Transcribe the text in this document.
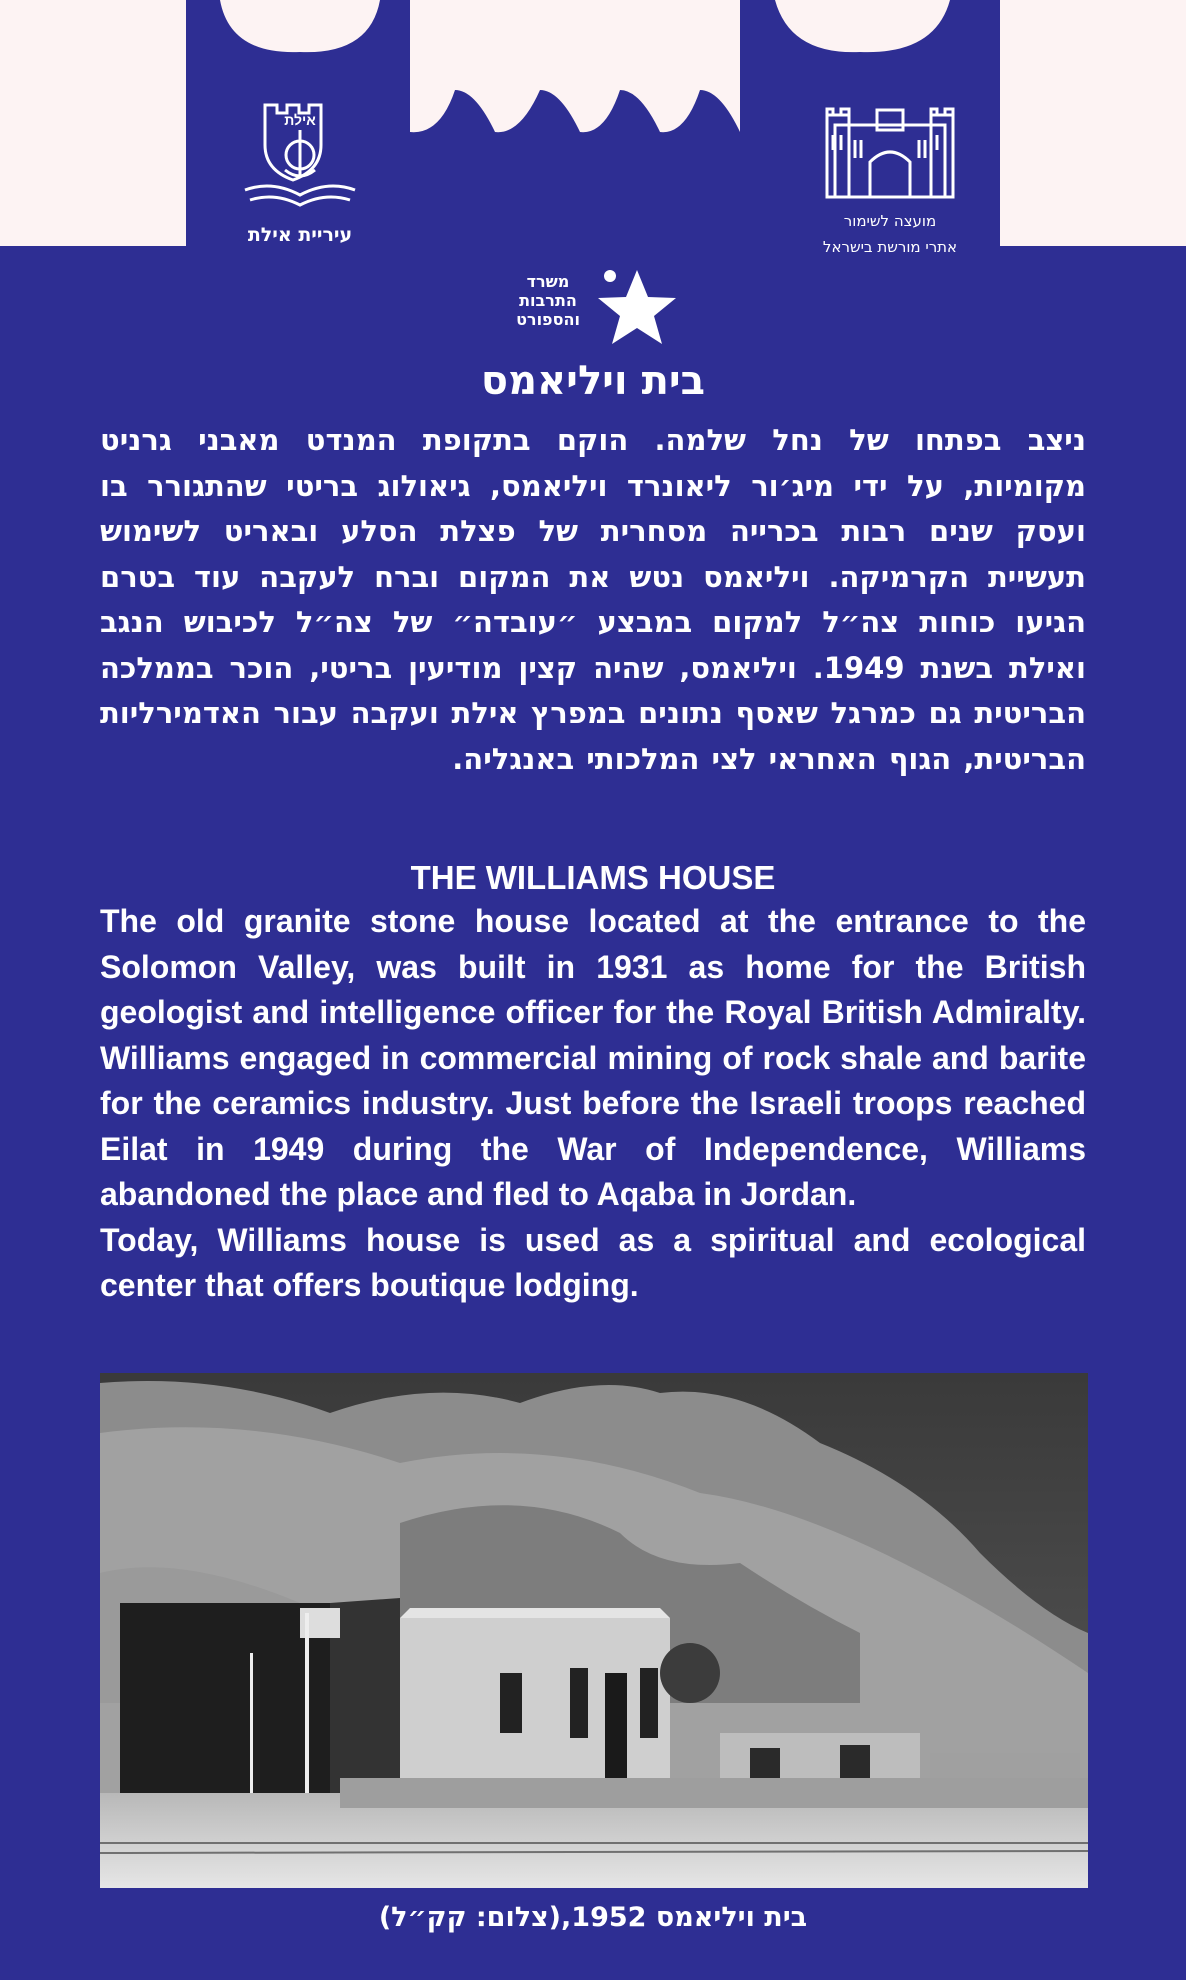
אילת
עיריית אילת
מועצה לשימור
אתרי מורשת בישראל
משרד
התרבות
והספורט
בית ויליאמס
ניצב בפתחו של נחל שלמה. הוקם בתקופת המנדט מאבני גרניט מקומיות, על ידי מיג׳ור ליאונרד ויליאמס, גיאולוג בריטי שהתגורר בו ועסק שנים רבות בכרייה מסחרית של פצלת הסלע ובאריט לשימוש תעשיית הקרמיקה. ויליאמס נטש את המקום וברח לעקבה עוד בטרם הגיעו כוחות צה״ל למקום במבצע ״עובדה״ של צה״ל לכיבוש הנגב ואילת בשנת 1949. ויליאמס, שהיה קצין מודיעין בריטי, הוכר בממלכה הבריטית גם כמרגל שאסף נתונים במפרץ אילת ועקבה עבור האדמירליות הבריטית, הגוף האחראי לצי המלכותי באנגליה.
THE WILLIAMS HOUSE

The old granite stone house located at the entrance to the Solomon Valley, was built in 1931 as home for the British geologist and intelligence officer for the Royal British Admiralty. Williams engaged in commercial mining of rock shale and barite for the ceramics industry. Just before the Israeli troops reached Eilat in 1949 during the War of Independence, Williams abandoned the place and fled to Aqaba in Jordan.

Today, Williams house is used as a spiritual and ecological center that offers boutique lodging.

בית ויליאמס 1952,(צלום: קק״ל)
